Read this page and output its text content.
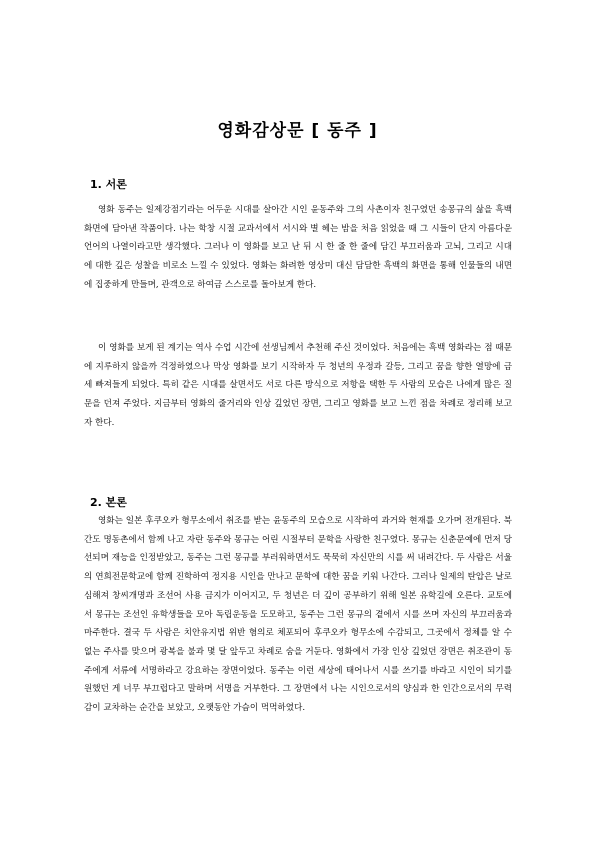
영화감상문 [ 동주 ]
1. 서론

영화 동주는 일제강점기라는 어두운 시대를 살아간 시인 윤동주와 그의 사촌이자 친구였던 송몽규의 삶을 흑백 화면에 담아낸 작품이다. 나는 학창 시절 교과서에서 서시와 별 헤는 밤을 처음 읽었을 때 그 시들이 단지 아름다운 언어의 나열이라고만 생각했다. 그러나 이 영화를 보고 난 뒤 시 한 줄 한 줄에 담긴 부끄러움과 고뇌, 그리고 시대에 대한 깊은 성찰을 비로소 느낄 수 있었다. 영화는 화려한 영상미 대신 담담한 흑백의 화면을 통해 인물들의 내면에 집중하게 만들며, 관객으로 하여금 스스로를 돌아보게 한다.

이 영화를 보게 된 계기는 역사 수업 시간에 선생님께서 추천해 주신 것이었다. 처음에는 흑백 영화라는 점 때문에 지루하지 않을까 걱정하였으나 막상 영화를 보기 시작하자 두 청년의 우정과 갈등, 그리고 꿈을 향한 열망에 금세 빠져들게 되었다. 특히 같은 시대를 살면서도 서로 다른 방식으로 저항을 택한 두 사람의 모습은 나에게 많은 질문을 던져 주었다. 지금부터 영화의 줄거리와 인상 깊었던 장면, 그리고 영화를 보고 느낀 점을 차례로 정리해 보고자 한다.

2. 본론

영화는 일본 후쿠오카 형무소에서 취조를 받는 윤동주의 모습으로 시작하여 과거와 현재를 오가며 전개된다. 북간도 명동촌에서 함께 나고 자란 동주와 몽규는 어린 시절부터 문학을 사랑한 친구였다. 몽규는 신춘문예에 먼저 당선되며 재능을 인정받았고, 동주는 그런 몽규를 부러워하면서도 묵묵히 자신만의 시를 써 내려간다. 두 사람은 서울의 연희전문학교에 함께 진학하여 정지용 시인을 만나고 문학에 대한 꿈을 키워 나간다. 그러나 일제의 탄압은 날로 심해져 창씨개명과 조선어 사용 금지가 이어지고, 두 청년은 더 깊이 공부하기 위해 일본 유학길에 오른다. 교토에서 몽규는 조선인 유학생들을 모아 독립운동을 도모하고, 동주는 그런 몽규의 곁에서 시를 쓰며 자신의 부끄러움과 마주한다. 결국 두 사람은 치안유지법 위반 혐의로 체포되어 후쿠오카 형무소에 수감되고, 그곳에서 정체를 알 수 없는 주사를 맞으며 광복을 불과 몇 달 앞두고 차례로 숨을 거둔다. 영화에서 가장 인상 깊었던 장면은 취조관이 동주에게 서류에 서명하라고 강요하는 장면이었다. 동주는 이런 세상에 태어나서 시를 쓰기를 바라고 시인이 되기를 원했던 게 너무 부끄럽다고 말하며 서명을 거부한다. 그 장면에서 나는 시인으로서의 양심과 한 인간으로서의 무력감이 교차하는 순간을 보았고, 오랫동안 가슴이 먹먹하였다.
